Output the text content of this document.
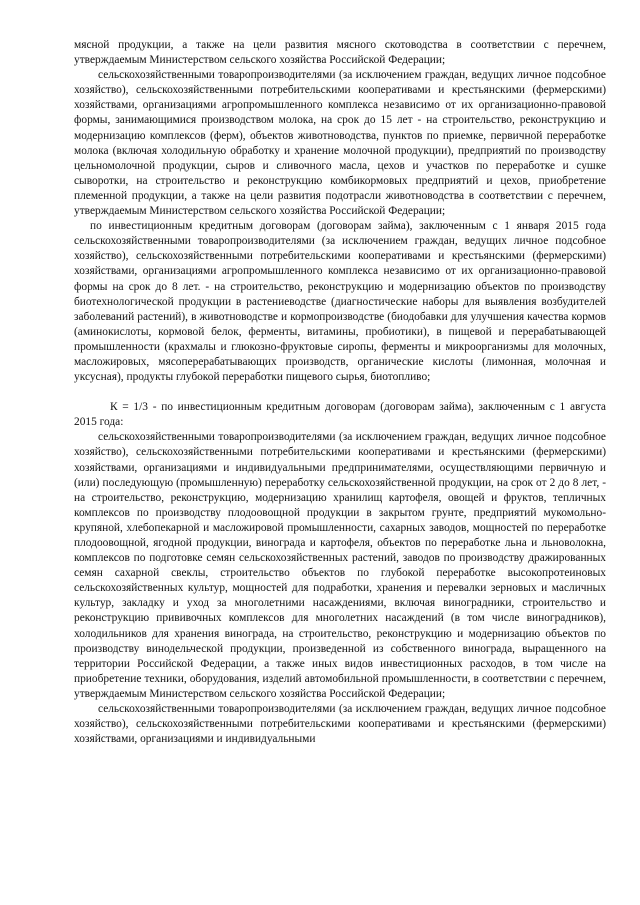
мясной продукции, а также на цели развития мясного скотоводства в соответствии с перечнем, утверждаемым Министерством сельского хозяйства Российской Федерации;

сельскохозяйственными товаропроизводителями (за исключением граждан, ведущих личное подсобное хозяйство), сельскохозяйственными потребительскими кооперативами и крестьянскими (фермерскими) хозяйствами, организациями агропромышленного комплекса независимо от их организационно-правовой формы, занимающимися производством молока, на срок до 15 лет - на строительство, реконструкцию и модернизацию комплексов (ферм), объектов животноводства, пунктов по приемке, первичной переработке молока (включая холодильную обработку и хранение молочной продукции), предприятий по производству цельномолочной продукции, сыров и сливочного масла, цехов и участков по переработке и сушке сыворотки, на строительство и реконструкцию комбикормовых предприятий и цехов, приобретение племенной продукции, а также на цели развития подотрасли животноводства в соответствии с перечнем, утверждаемым Министерством сельского хозяйства Российской Федерации;

по инвестиционным кредитным договорам (договорам займа), заключенным с 1 января 2015 года сельскохозяйственными товаропроизводителями (за исключением граждан, ведущих личное подсобное хозяйство), сельскохозяйственными потребительскими кооперативами и крестьянскими (фермерскими) хозяйствами, организациями агропромышленного комплекса независимо от их организационно-правовой формы на срок до 8 лет. - на строительство, реконструкцию и модернизацию объектов по производству биотехнологической продукции в растениеводстве (диагностические наборы для выявления возбудителей заболеваний растений), в животноводстве и кормопроизводстве (биодобавки для улучшения качества кормов (аминокислоты, кормовой белок, ферменты, витамины, пробиотики), в пищевой и перерабатывающей промышленности (крахмалы и глюкозно-фруктовые сиропы, ферменты и микроорганизмы для молочных, масложировых, мясоперерабатывающих производств, органические кислоты (лимонная, молочная и уксусная), продукты глубокой переработки пищевого сырья, биотопливо;

К = 1/3 - по инвестиционным кредитным договорам (договорам займа), заключенным с 1 августа 2015 года:

сельскохозяйственными товаропроизводителями (за исключением граждан, ведущих личное подсобное хозяйство), сельскохозяйственными потребительскими кооперативами и крестьянскими (фермерскими) хозяйствами, организациями и индивидуальными предпринимателями, осуществляющими первичную и (или) последующую (промышленную) переработку сельскохозяйственной продукции, на срок от 2 до 8 лет, - на строительство, реконструкцию, модернизацию хранилищ картофеля, овощей и фруктов, тепличных комплексов по производству плодоовощной продукции в закрытом грунте, предприятий мукомольно-крупяной, хлебопекарной и масложировой промышленности, сахарных заводов, мощностей по переработке плодоовощной, ягодной продукции, винограда и картофеля, объектов по переработке льна и льноволокна, комплексов по подготовке семян сельскохозяйственных растений, заводов по производству дражированных семян сахарной свеклы, строительство объектов по глубокой переработке высокопротеиновых сельскохозяйственных культур, мощностей для подработки, хранения и перевалки зерновых и масличных культур, закладку и уход за многолетними насаждениями, включая виноградники, строительство и реконструкцию прививочных комплексов для многолетних насаждений (в том числе виноградников), холодильников для хранения винограда, на строительство, реконструкцию и модернизацию объектов по производству винодельческой продукции, произведенной из собственного винограда, выращенного на территории Российской Федерации, а также иных видов инвестиционных расходов, в том числе на приобретение техники, оборудования, изделий автомобильной промышленности, в соответствии с перечнем, утверждаемым Министерством сельского хозяйства Российской Федерации;

сельскохозяйственными товаропроизводителями (за исключением граждан, ведущих личное подсобное хозяйство), сельскохозяйственными потребительскими кооперативами и крестьянскими (фермерскими) хозяйствами, организациями и индивидуальными
